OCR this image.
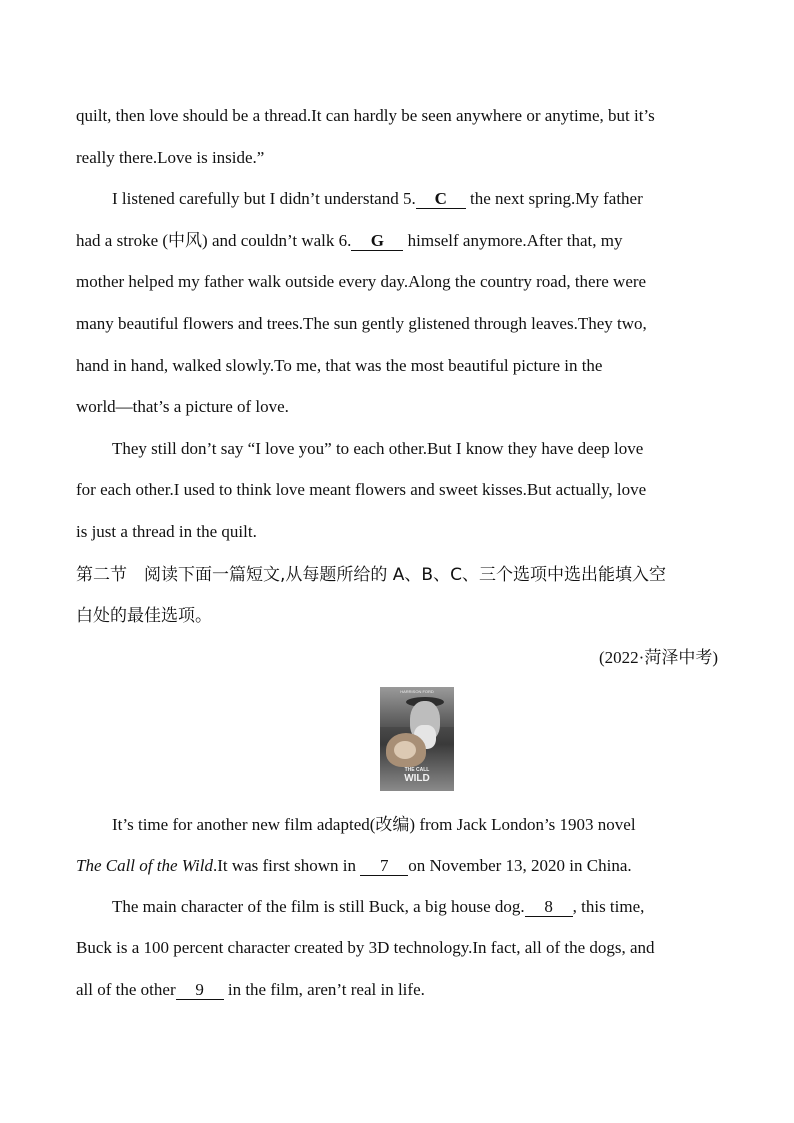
quilt, then love should be a thread.It can hardly be seen anywhere or anytime, but it’s
really there.Love is inside.”
I listened carefully but I didn’t understand 5. C the next spring.My father
had a stroke (中风) and couldn’t walk 6. G himself anymore.After that, my
mother helped my father walk outside every day.Along the country road, there were
many beautiful flowers and trees.The sun gently glistened through leaves.They two,
hand in hand, walked slowly.To me, that was the most beautiful picture in the
world—that’s a picture of love.
They still don’t say “I love you” to each other.But I know they have deep love
for each other.I used to think love meant flowers and sweet kisses.But actually, love
is just a thread in the quilt.
第二节　阅读下面一篇短文,从每题所给的 A、B、C、三个选项中选出能填入空
白处的最佳选项。
(2022·菏泽中考)
HARRISON FORD
THE CALL
WILD
It’s time for another new film adapted(改编) from Jack London’s 1903 novel
The Call of the Wild.It was first shown in 7 on November 13, 2020 in China.
The main character of the film is still Buck, a big house dog. 8 , this time,
Buck is a 100 percent character created by 3D technology.In fact, all of the dogs, and
all of the other 9 in the film, aren’t real in life.
